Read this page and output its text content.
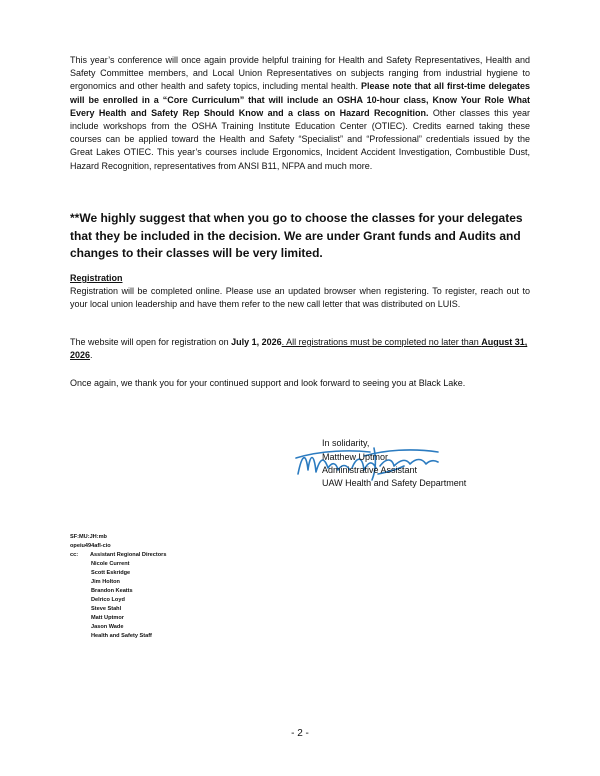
This year’s conference will once again provide helpful training for Health and Safety Representatives, Health and Safety Committee members, and Local Union Representatives on subjects ranging from industrial hygiene to ergonomics and other health and safety topics, including mental health. Please note that all first-time delegates will be enrolled in a “Core Curriculum” that will include an OSHA 10-hour class, Know Your Role What Every Health and Safety Rep Should Know and a class on Hazard Recognition. Other classes this year include workshops from the OSHA Training Institute Education Center (OTIEC). Credits earned taking these courses can be applied toward the Health and Safety “Specialist” and “Professional” credentials issued by the Great Lakes OTIEC. This year’s courses include Ergonomics, Incident Accident Investigation, Combustible Dust, Hazard Recognition, representatives from ANSI B11, NFPA and much more.

**We highly suggest that when you go to choose the classes for your delegates that they be included in the decision. We are under Grant funds and Audits and changes to their classes will be very limited.

Registration

Registration will be completed online. Please use an updated browser when registering. To register, reach out to your local union leadership and have them refer to the new call letter that was distributed on LUIS.

The website will open for registration on July 1, 2026. All registrations must be completed no later than August 31, 2026.

Once again, we thank you for your continued support and look forward to seeing you at Black Lake.

In solidarity,
Matthew Uptmor
Administrative Assistant
UAW Health and Safety Department
SF:MU:JH:mb
opeiu494afl-cio
cc: Assistant Regional Directors
Nicole Current
Scott Eskridge
Jim Holton
Brandon Keatts
Delrico Loyd
Steve Stahl
Matt Uptmor
Jason Wade
Health and Safety Staff
- 2 -
